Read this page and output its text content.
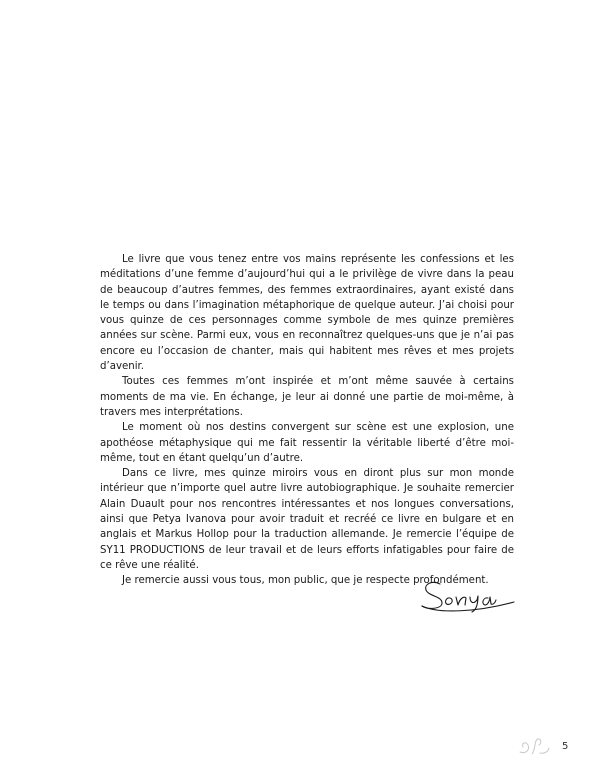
Le livre que vous tenez entre vos mains représente les confessions et les méditations d’une femme d’aujourd’hui qui a le privilège de vivre dans la peau de beaucoup d’autres femmes, des femmes extraordinaires, ayant existé dans le temps ou dans l’imagination métaphorique de quelque auteur. J’ai choisi pour vous quinze de ces personnages comme symbole de mes quinze premières années sur scène. Parmi eux, vous en reconnaîtrez quelques-uns que je n’ai pas encore eu l’occasion de chanter, mais qui habitent mes rêves et mes projets d’avenir.

Toutes ces femmes m’ont inspirée et m’ont même sauvée à certains moments de ma vie. En échange, je leur ai donné une partie de moi-même, à travers mes interprétations.

Le moment où nos destins convergent sur scène est une explosion, une apothéose métaphysique qui me fait ressentir la véritable liberté d’être moi-même, tout en étant quelqu’un d’autre.

Dans ce livre, mes quinze miroirs vous en diront plus sur mon monde intérieur que n’importe quel autre livre autobiographique. Je souhaite remercier Alain Duault pour nos rencontres intéressantes et nos longues conversations, ainsi que Petya Ivanova pour avoir traduit et recréé ce livre en bulgare et en anglais et Markus Hollop pour la traduction allemande. Je remercie l’équipe de SY11 PRODUCTIONS de leur travail et de leurs efforts infatigables pour faire de ce rêve une réalité.

Je remercie aussi vous tous, mon public, que je respecte profondément.

5
